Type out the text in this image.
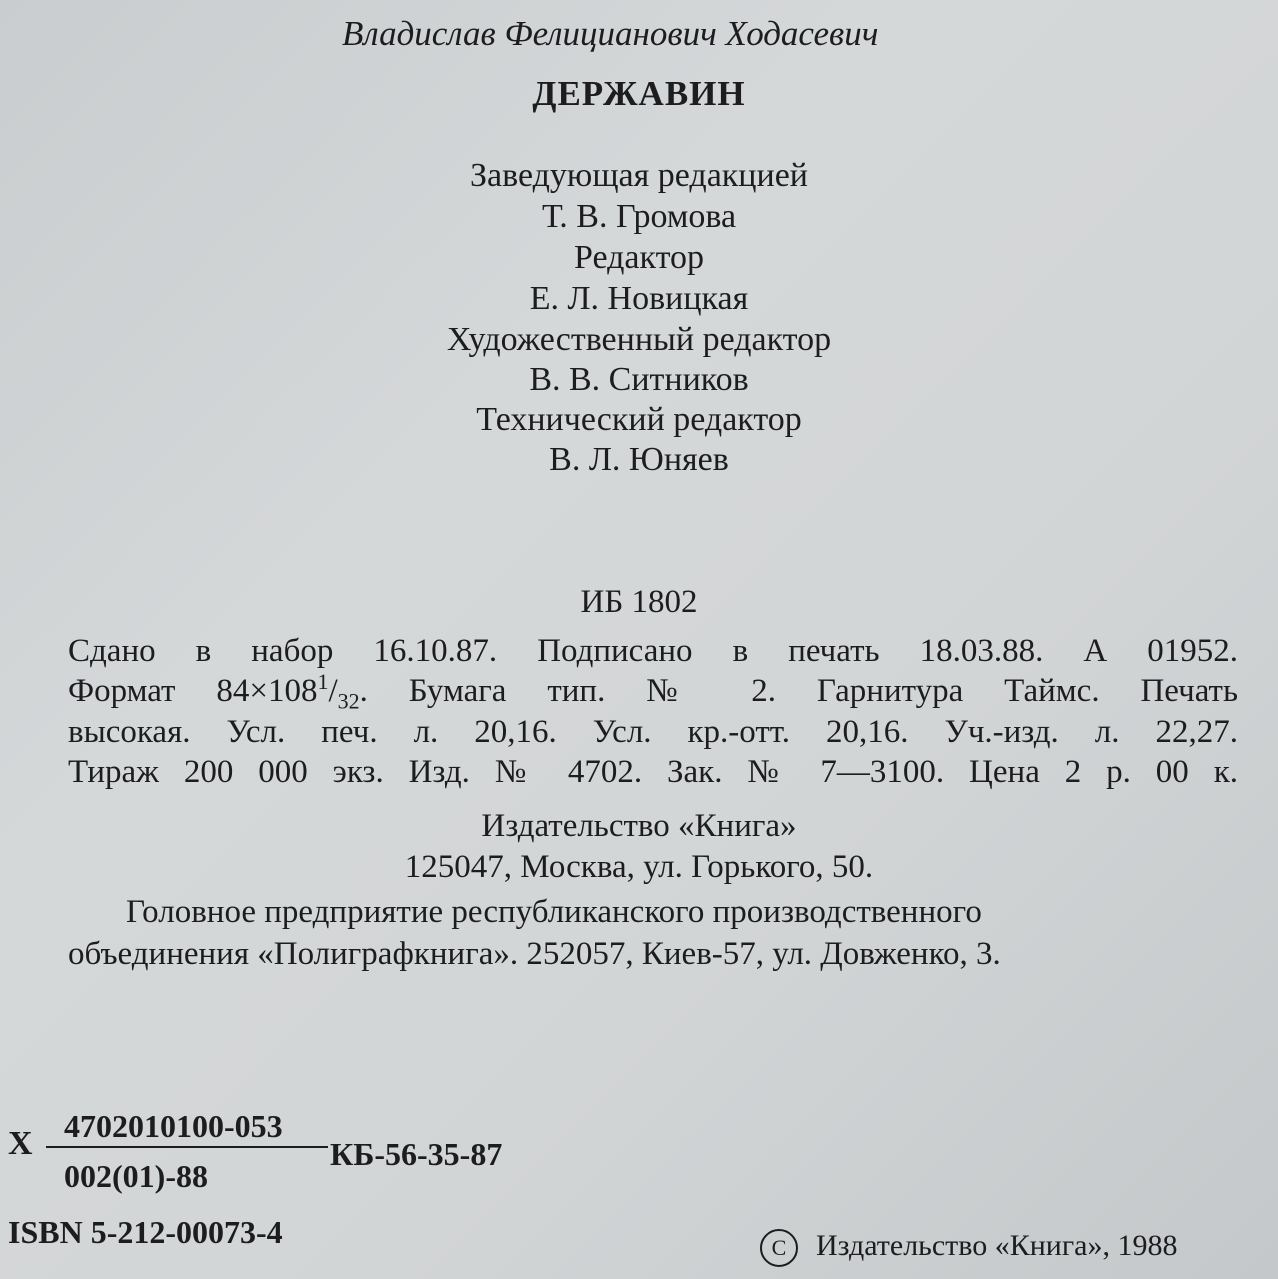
Владислав Фелицианович Ходасевич
ДЕРЖАВИН
Заведующая редакцией
Т. В. Громова
Редактор
Е. Л. Новицкая
Художественный редактор
В. В. Ситников
Технический редактор
В. Л. Юняев
ИБ 1802
Сдано в набор 16.10.87. Подписано в печать 18.03.88. А 01952.
Формат $84\times 108^1/_{32}$. Бумага тип. № 2. Гарнитура Таймс. Печать
высокая. Усл. печ. л. 20,16. Усл. кр.-отт. 20,16. Уч.-изд. л. 22,27.
Тираж 200 000 экз. Изд. № 4702. Зак. № 7—3100. Цена 2 р. 00 к.
Издательство «Книга»
125047, Москва, ул. Горького, 50.
Головное предприятие республиканского производственного
объединения «Полиграфкнига». 252057, Киев-57, ул. Довженко, 3.
Х 4702010100-053
002(01)-88
КБ-56-35-87
ISBN 5-212-00073-4	C Издательство «Книга», 1988
